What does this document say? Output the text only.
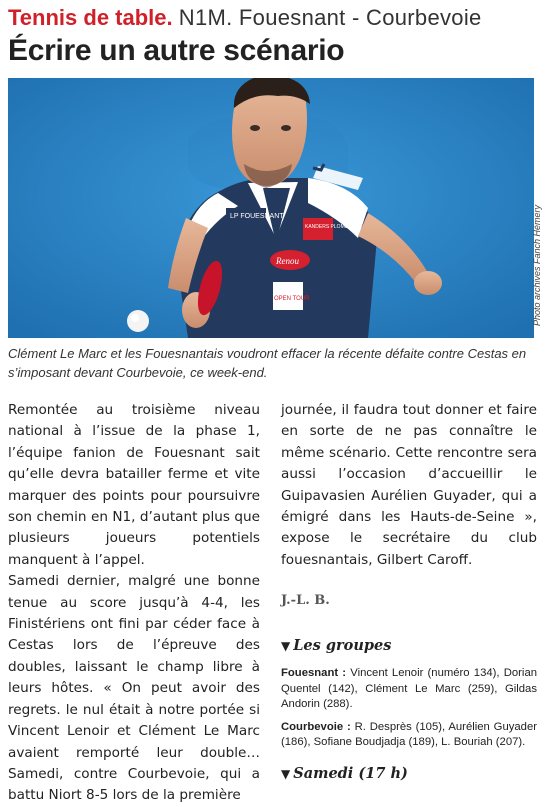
Tennis de table. N1M. Fouesnant - Courbevoie
Écrire un autre scénario
LP FOUESNANT
Renou
KANDERS PLOMBERIE
OPEN TOUR	Photo archives Fanch Hémery
Clément Le Marc et les Fouesnantais voudront effacer la récente défaite contre Cestas en s’imposant devant Courbevoie, ce week-end.

Remontée au troisième niveau national à l’issue de la phase 1, l’équipe fanion de Fouesnant sait qu’elle devra batailler ferme et vite marquer des points pour poursuivre son chemin en N1, d’autant plus que plusieurs joueurs potentiels manquent à l’appel.

Samedi dernier, malgré une bonne tenue au score jusqu’à 4-4, les Finistériens ont fini par céder face à Cestas lors de l’épreuve des doubles, laissant le champ libre à leurs hôtes. « On peut avoir des regrets. le nul était à notre portée si Vincent Lenoir et Clément Le Marc avaient remporté leur double… Samedi, contre Courbevoie, qui a battu Niort 8-5 lors de la première

journée, il faudra tout donner et faire en sorte de ne pas connaître le même scénario. Cette rencontre sera aussi l’occasion d’accueillir le Guipavasien Aurélien Guyader, qui a émigré dans les Hauts-de-Seine », expose le secrétaire du club fouesnantais, Gilbert Caroff.

J.-L. B.
▼ Les groupes
Fouesnant : Vincent Lenoir (numéro 134), Dorian Quentel (142), Clément Le Marc (259), Gildas Andorin (288).
Courbevoie : R. Desprès (105), Aurélien Guyader (186), Sofiane Boudjadja (189), L. Bouriah (207).
▼ Samedi (17 h)
